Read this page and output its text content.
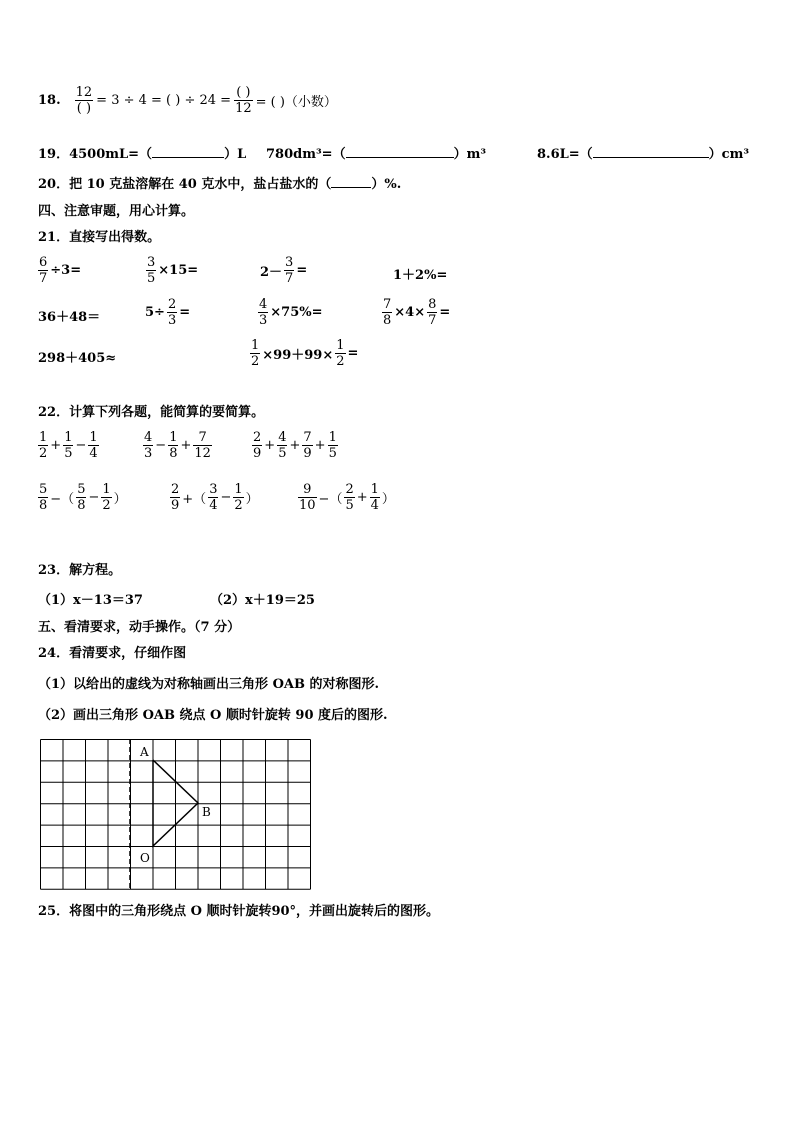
18. $\frac{12}{( )} = 3 \div 4$ = ( ) ÷ $24 = \frac{( )}{12}$ = ( )（小数）
19．4500mL=（	）L 780dm³=（	）m³	8.6L=（	）cm³
20．把 10 克盐溶解在 40 克水中，盐占盐水的（	）%.
四、注意审题，用心计算。
21．直接写出得数。
$\frac{6}{7} \div 3=$	$\frac{3}{5} \times 15=$	$2- \frac{3}{7}$ =	1＋2%=
36＋48＝	$5\div \frac{2}{3}$ =	$\frac{4}{3} \times 75\%=$	$\frac{7}{8} \times 4\times \frac{8}{7}$ =
298＋405≈	$\frac{1}{2} \times 99+99\times \frac{1}{2}$ =
22．计算下列各题，能简算的要简算。
$\frac{1}{2} + \frac{1}{5} - \frac{1}{4}$	$\frac{4}{3} - \frac{1}{8} + \frac{7}{12}$	$\frac{2}{9} + \frac{4}{5} + \frac{7}{9} + \frac{1}{5}$
$\frac{5}{8}$ −（ $\frac{5}{8} - \frac{1}{2}$ ）	$\frac{2}{9}$ +（ $\frac{3}{4} - \frac{1}{2}$ ）	$\frac{9}{10}$ −（ $\frac{2}{5} + \frac{1}{4}$ ）
23．解方程。
（1）x－13＝37	（2）x＋19＝25
五、看清要求，动手操作。（7 分）
24．看清要求，仔细作图
（1）以给出的虚线为对称轴画出三角形 OAB 的对称图形.
（2）画出三角形 OAB 绕点 O 顺时针旋转 90 度后的图形.
A
B
O
25．将图中的三角形绕点 O 顺时针旋转90°，并画出旋转后的图形。
